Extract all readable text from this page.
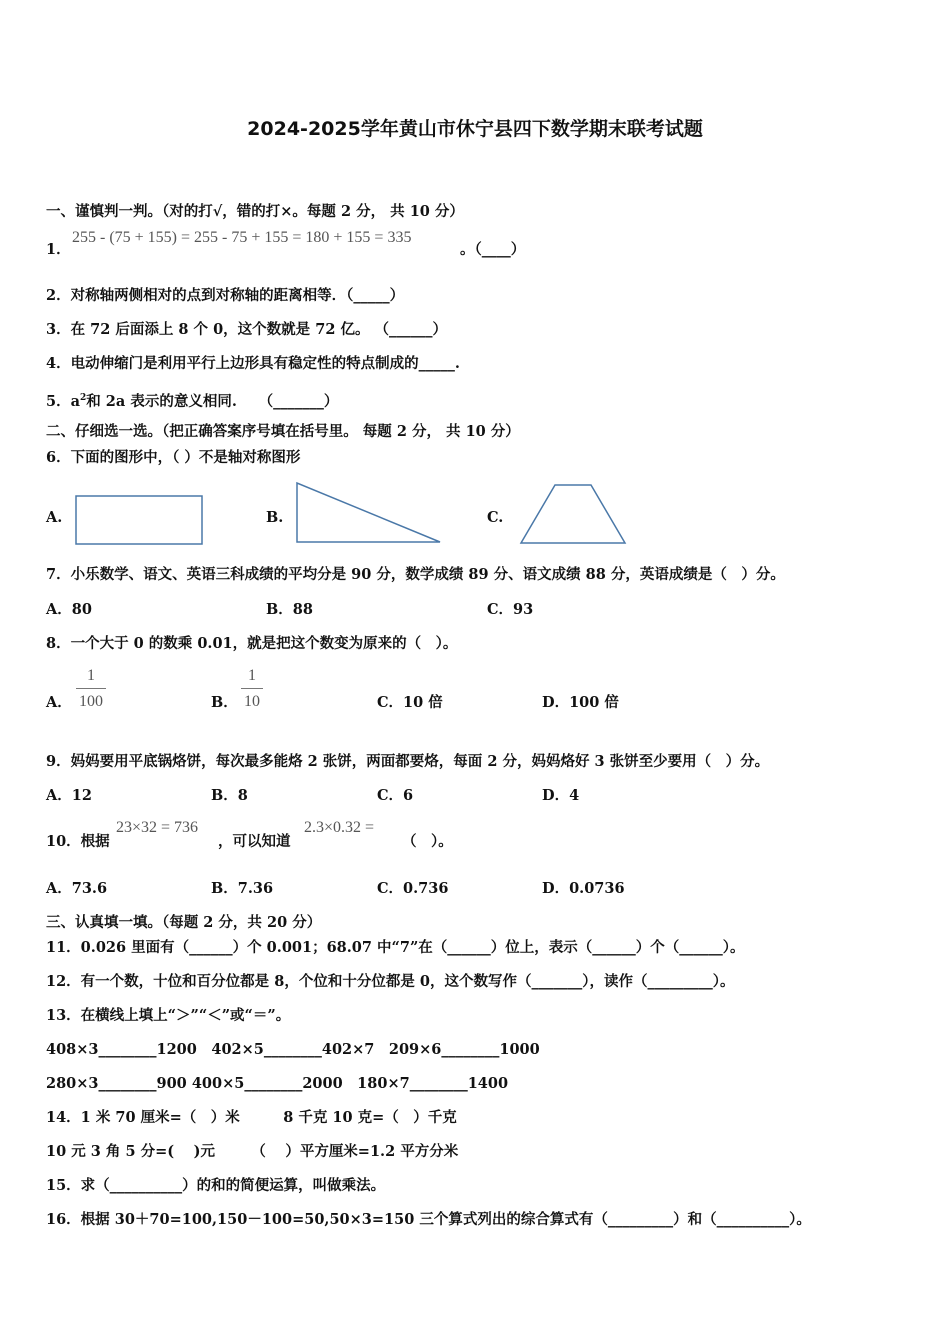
2024-2025学年黄山市休宁县四下数学期末联考试题
一、谨慎判一判。（对的打√，错的打×。每题 2 分， 共 10 分）
1．
255 - (75 + 155) = 255 - 75 + 155 = 180 + 155 = 335
。（____）
2．对称轴两侧相对的点到对称轴的距离相等．（_____）
3．在 72 后面添上 8 个 0，这个数就是 72 亿。 （______）
4．电动伸缩门是利用平行上边形具有稳定性的特点制成的_____.
5．$a^2$和 2a 表示的意义相同.　　（_______）
二、仔细选一选。（把正确答案序号填在括号里。 每题 2 分， 共 10 分）
6．下面的图形中，（ ）不是轴对称图形
A.	B.	C.
7．小乐数学、语文、英语三科成绩的平均分是 90 分，数学成绩 89 分、语文成绩 88 分，英语成绩是（　）分。
A．80	B．88	C．93
8．一个大于 0 的数乘 0.01，就是把这个数变为原来的（　）。
A．
1
100	B．
1
10	C．10 倍	D．100 倍
9．妈妈要用平底锅烙饼，每次最多能烙 2 张饼，两面都要烙，每面 2 分，妈妈烙好 3 张饼至少要用（　）分。
A．12	B．8	C．6	D．4
10．根据
23×32 = 736
，可以知道
2.3×0.32 =
（　）。
A．73.6	B．7.36	C．0.736	D．0.0736
三、认真填一填。（每题 2 分，共 20 分）
11．0.026 里面有（______）个 0.001；68.07 中“7”在（______）位上，表示（______）个（______）。
12．有一个数，十位和百分位都是 8，个位和十分位都是 0，这个数写作（_______），读作（_________）。
13．在横线上填上“＞”“＜”或“＝”。
408×3________1200　402×5________402×7　209×6________1000
280×3________900 400×5________2000　180×7________1400
14．1 米 70 厘米=（　）米　　　8 千克 10 克=（　）千克
10 元 3 角 5 分=(　 )元　　　（　 ）平方厘米=1.2 平方分米
15．求（__________）的和的简便运算，叫做乘法。
16．根据 30＋70=100,150－100=50,50×3=150 三个算式列出的综合算式有（_________）和（__________）。
